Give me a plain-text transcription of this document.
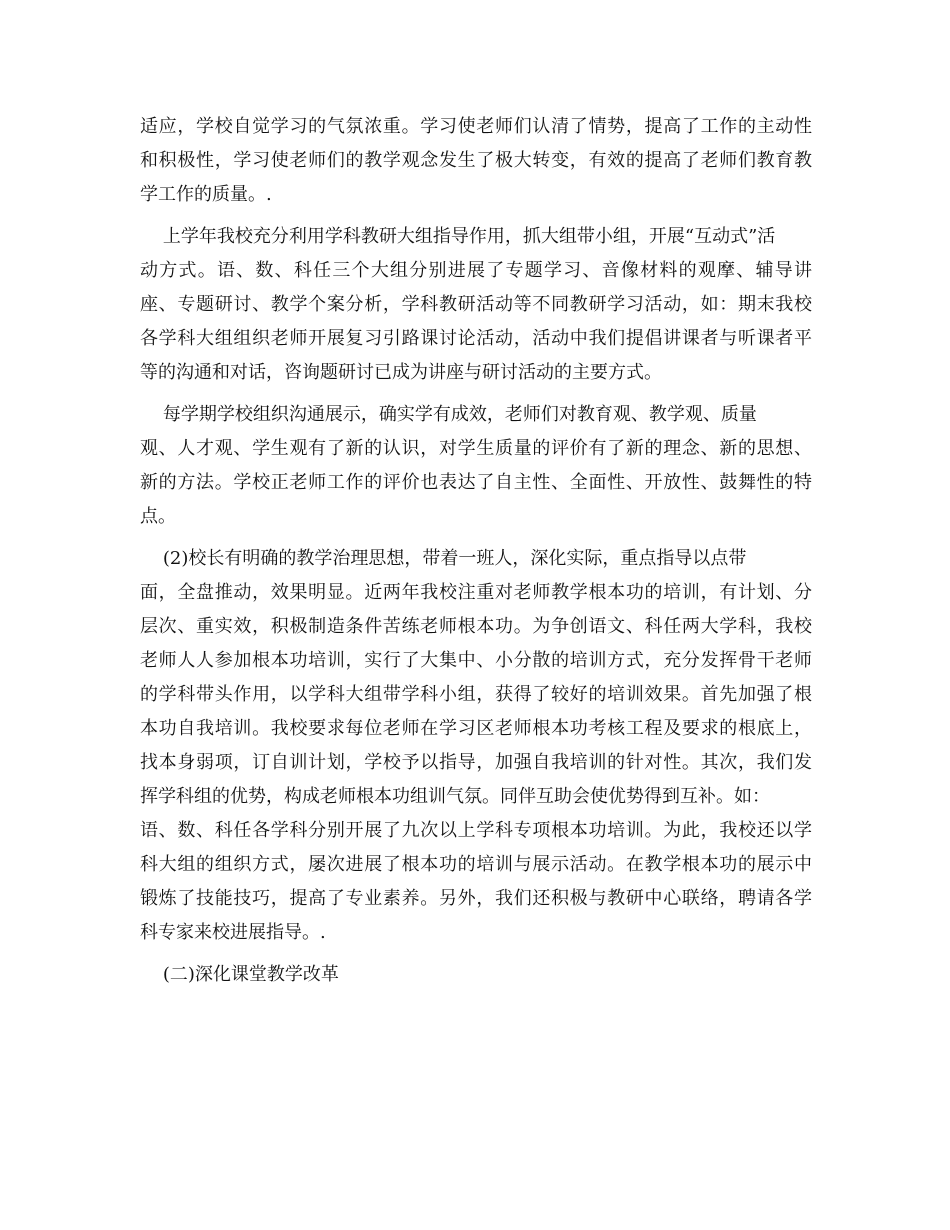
适应，学校自觉学习的气氛浓重。学习使老师们认清了情势，提高了工作的主动性
和积极性，学习使老师们的教学观念发生了极大转变，有效的提高了老师们教育教
学工作的质量。.
上学年我校充分利用学科教研大组指导作用，抓大组带小组，开展“互动式”活
动方式。语、数、科任三个大组分别进展了专题学习、音像材料的观摩、辅导讲
座、专题研讨、教学个案分析，学科教研活动等不同教研学习活动，如：期末我校
各学科大组组织老师开展复习引路课讨论活动，活动中我们提倡讲课者与听课者平
等的沟通和对话，咨询题研讨已成为讲座与研讨活动的主要方式。
每学期学校组织沟通展示，确实学有成效，老师们对教育观、教学观、质量
观、人才观、学生观有了新的认识，对学生质量的评价有了新的理念、新的思想、
新的方法。学校正老师工作的评价也表达了自主性、全面性、开放性、鼓舞性的特
点。
(2)校长有明确的教学治理思想，带着一班人，深化实际，重点指导以点带
面，全盘推动，效果明显。近两年我校注重对老师教学根本功的培训，有计划、分
层次、重实效，积极制造条件苦练老师根本功。为争创语文、科任两大学科，我校
老师人人参加根本功培训，实行了大集中、小分散的培训方式，充分发挥骨干老师
的学科带头作用，以学科大组带学科小组，获得了较好的培训效果。首先加强了根
本功自我培训。我校要求每位老师在学习区老师根本功考核工程及要求的根底上，
找本身弱项，订自训计划，学校予以指导，加强自我培训的针对性。其次，我们发
挥学科组的优势，构成老师根本功组训气氛。同伴互助会使优势得到互补。如：
语、数、科任各学科分别开展了九次以上学科专项根本功培训。为此，我校还以学
科大组的组织方式，屡次进展了根本功的培训与展示活动。在教学根本功的展示中
锻炼了技能技巧，提高了专业素养。另外，我们还积极与教研中心联络，聘请各学
科专家来校进展指导。.
(二)深化课堂教学改革
